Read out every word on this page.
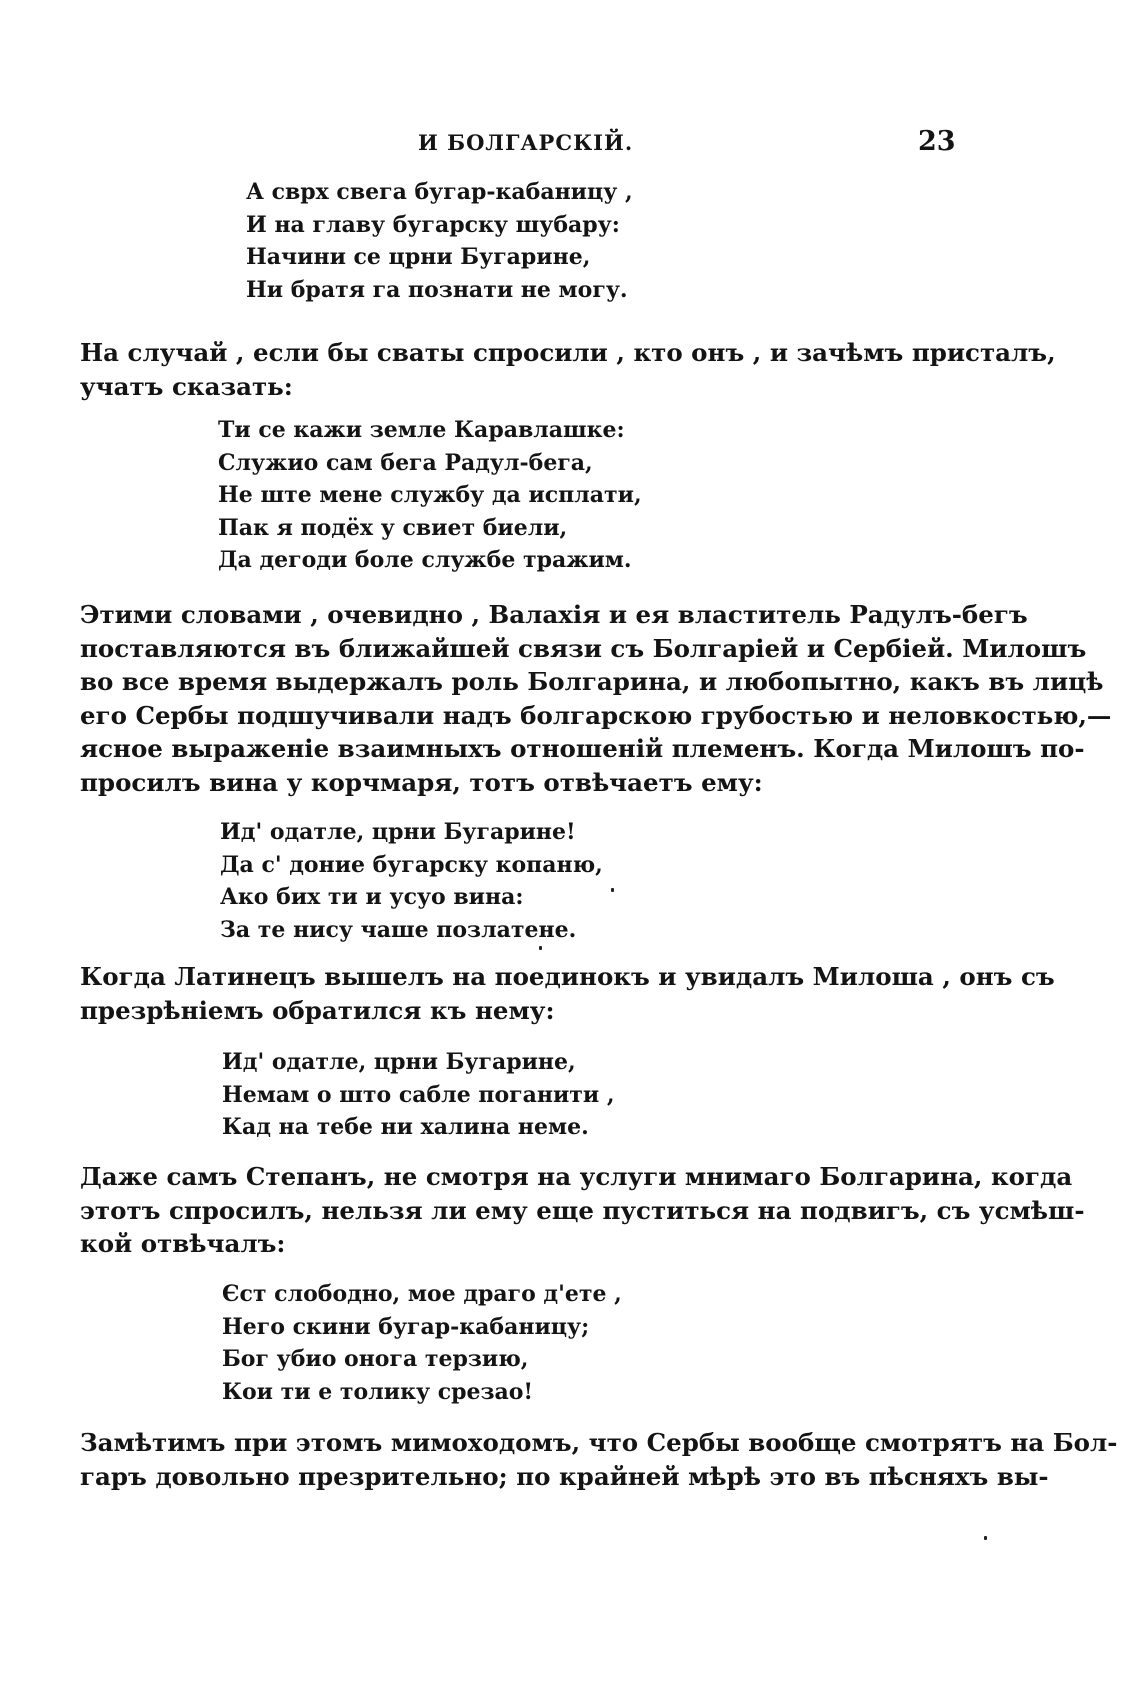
И БОЛГАРСКІЙ.	23
А сврх свега бугар-кабаницу ,
И на главу бугарску шубару:
Начини се црни Бугарине,
Ни братя га познати не могу.
На случай , если бы сваты спросили , кто онъ , и зачѣмъ присталъ,
учатъ сказать:
Ти се кажи земле Каравлашке:
Служио сам бега Радул-бега,
Не штe мене службу да исплати,
Пак я подёх у свиет биели,
Да дегоди боле службе тражим.
Этими словами , очевидно , Валахія и ея властитель Радулъ-бегъ
поставляются въ ближайшей связи съ Болгаріей и Сербіей. Милошъ
во все время выдержалъ роль Болгарина, и любопытно, какъ въ лицѣ
его Сербы подшучивали надъ болгарскою грубостью и неловкостью,—
ясное выраженіе взаимныхъ отношеній племенъ. Когда Милошъ по-
просилъ вина у корчмаря, тотъ отвѣчаетъ ему:
Ид' одатле, црни Бугарине!
Да с' доние бугарску копаню,
Ако бих ти и усуо вина:
За те нису чаше позлатене.
Когда Латинецъ вышелъ на поединокъ и увидалъ Милоша , онъ съ
презрѣніемъ обратился къ нему:
Ид' одатле, црни Бугарине,
Немам о што сабле поганити ,
Кад на тебе ни халина немe.
Даже самъ Степанъ, не смотря на услуги мнимаго Болгарина, когда
этотъ спросилъ, нельзя ли ему еще пуститься на подвигъ, съ усмѣш-
кой отвѣчалъ:
Єст слободно, мое драго д'ете ,
Него скини бугар-кабаницу;
Бог убио онога терзию,
Кои ти е толику срезао!
Замѣтимъ при этомъ мимоходомъ, что Сербы вообще смотрятъ на Бол-
гаръ довольно презрительно; по крайней мѣрѣ это въ пѣсняхъ вы-
